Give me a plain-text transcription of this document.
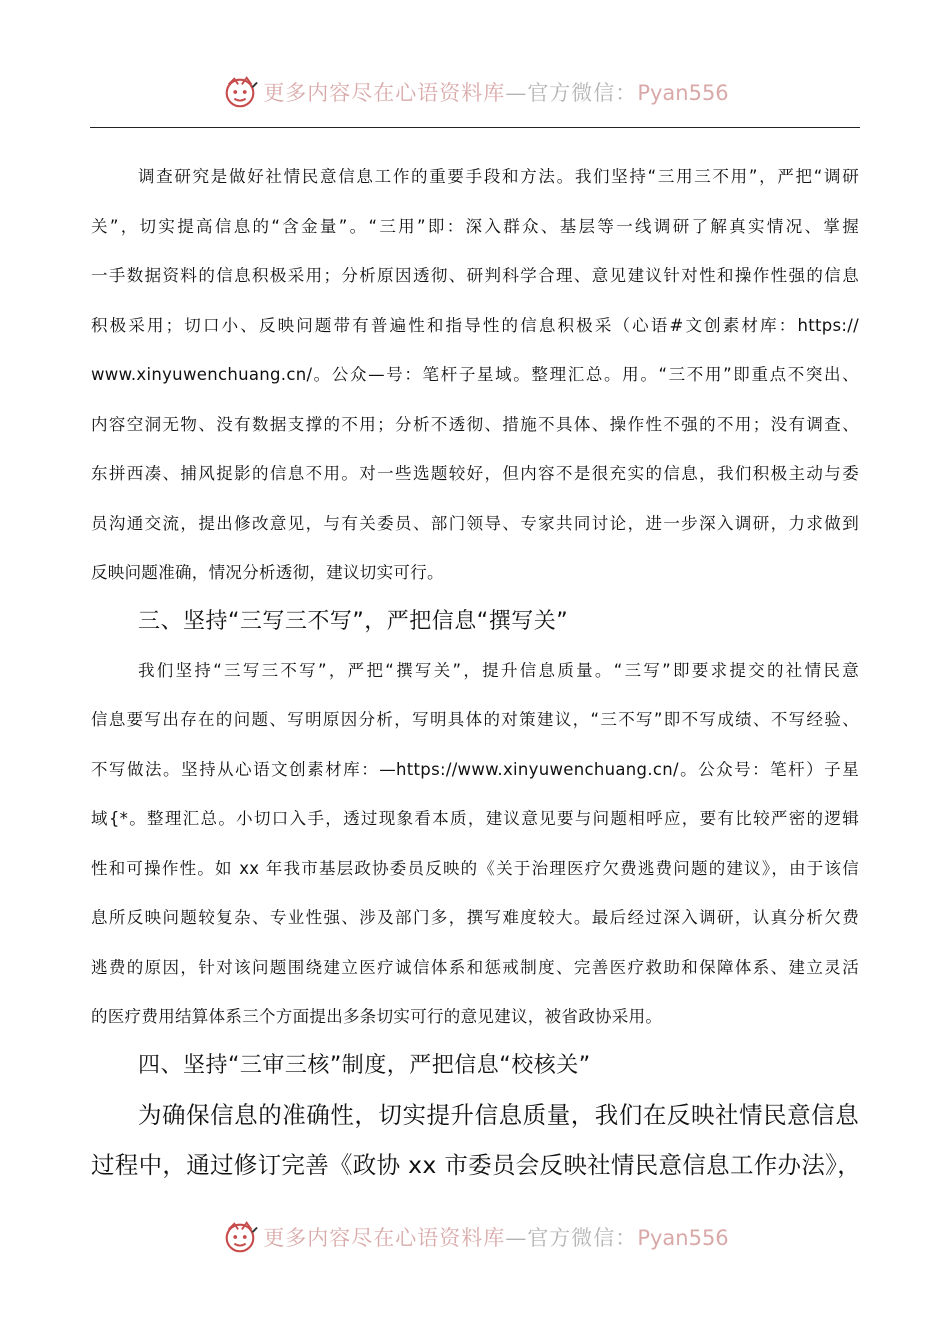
更多内容尽在心语资料库—官方微信：Pyan556
调查研究是做好社情民意信息工作的重要手段和方法。我们坚持“三用三不用”，严把“调研
关”，切实提高信息的“含金量”。“三用”即：深入群众、基层等一线调研了解真实情况、掌握
一手数据资料的信息积极采用；分析原因透彻、研判科学合理、意见建议针对性和操作性强的信息
积极采用；切口小、反映问题带有普遍性和指导性的信息积极采（心语#文创素材库：https://
www.xinyuwenchuang.cn/。公众—号：笔杆子星域。整理汇总。用。“三不用”即重点不突出、
内容空洞无物、没有数据支撑的不用；分析不透彻、措施不具体、操作性不强的不用；没有调查、
东拼西凑、捕风捉影的信息不用。对一些选题较好，但内容不是很充实的信息，我们积极主动与委
员沟通交流，提出修改意见，与有关委员、部门领导、专家共同讨论，进一步深入调研，力求做到
反映问题准确，情况分析透彻，建议切实可行。
三、坚持“三写三不写”，严把信息“撰写关”
我们坚持“三写三不写”，严把“撰写关”，提升信息质量。“三写”即要求提交的社情民意
信息要写出存在的问题、写明原因分析，写明具体的对策建议，“三不写”即不写成绩、不写经验、
不写做法。坚持从心语文创素材库：—https://www.xinyuwenchuang.cn/。公众号：笔杆）子星
域{*。整理汇总。小切口入手，透过现象看本质，建议意见要与问题相呼应，要有比较严密的逻辑
性和可操作性。如 xx 年我市基层政协委员反映的《关于治理医疗欠费逃费问题的建议》，由于该信
息所反映问题较复杂、专业性强、涉及部门多，撰写难度较大。最后经过深入调研，认真分析欠费
逃费的原因，针对该问题围绕建立医疗诚信体系和惩戒制度、完善医疗救助和保障体系、建立灵活
的医疗费用结算体系三个方面提出多条切实可行的意见建议，被省政协采用。
四、坚持“三审三核”制度，严把信息“校核关”
为确保信息的准确性，切实提升信息质量，我们在反映社情民意信息
过程中，通过修订完善《政协 xx 市委员会反映社情民意信息工作办法》，
更多内容尽在心语资料库—官方微信：Pyan556
